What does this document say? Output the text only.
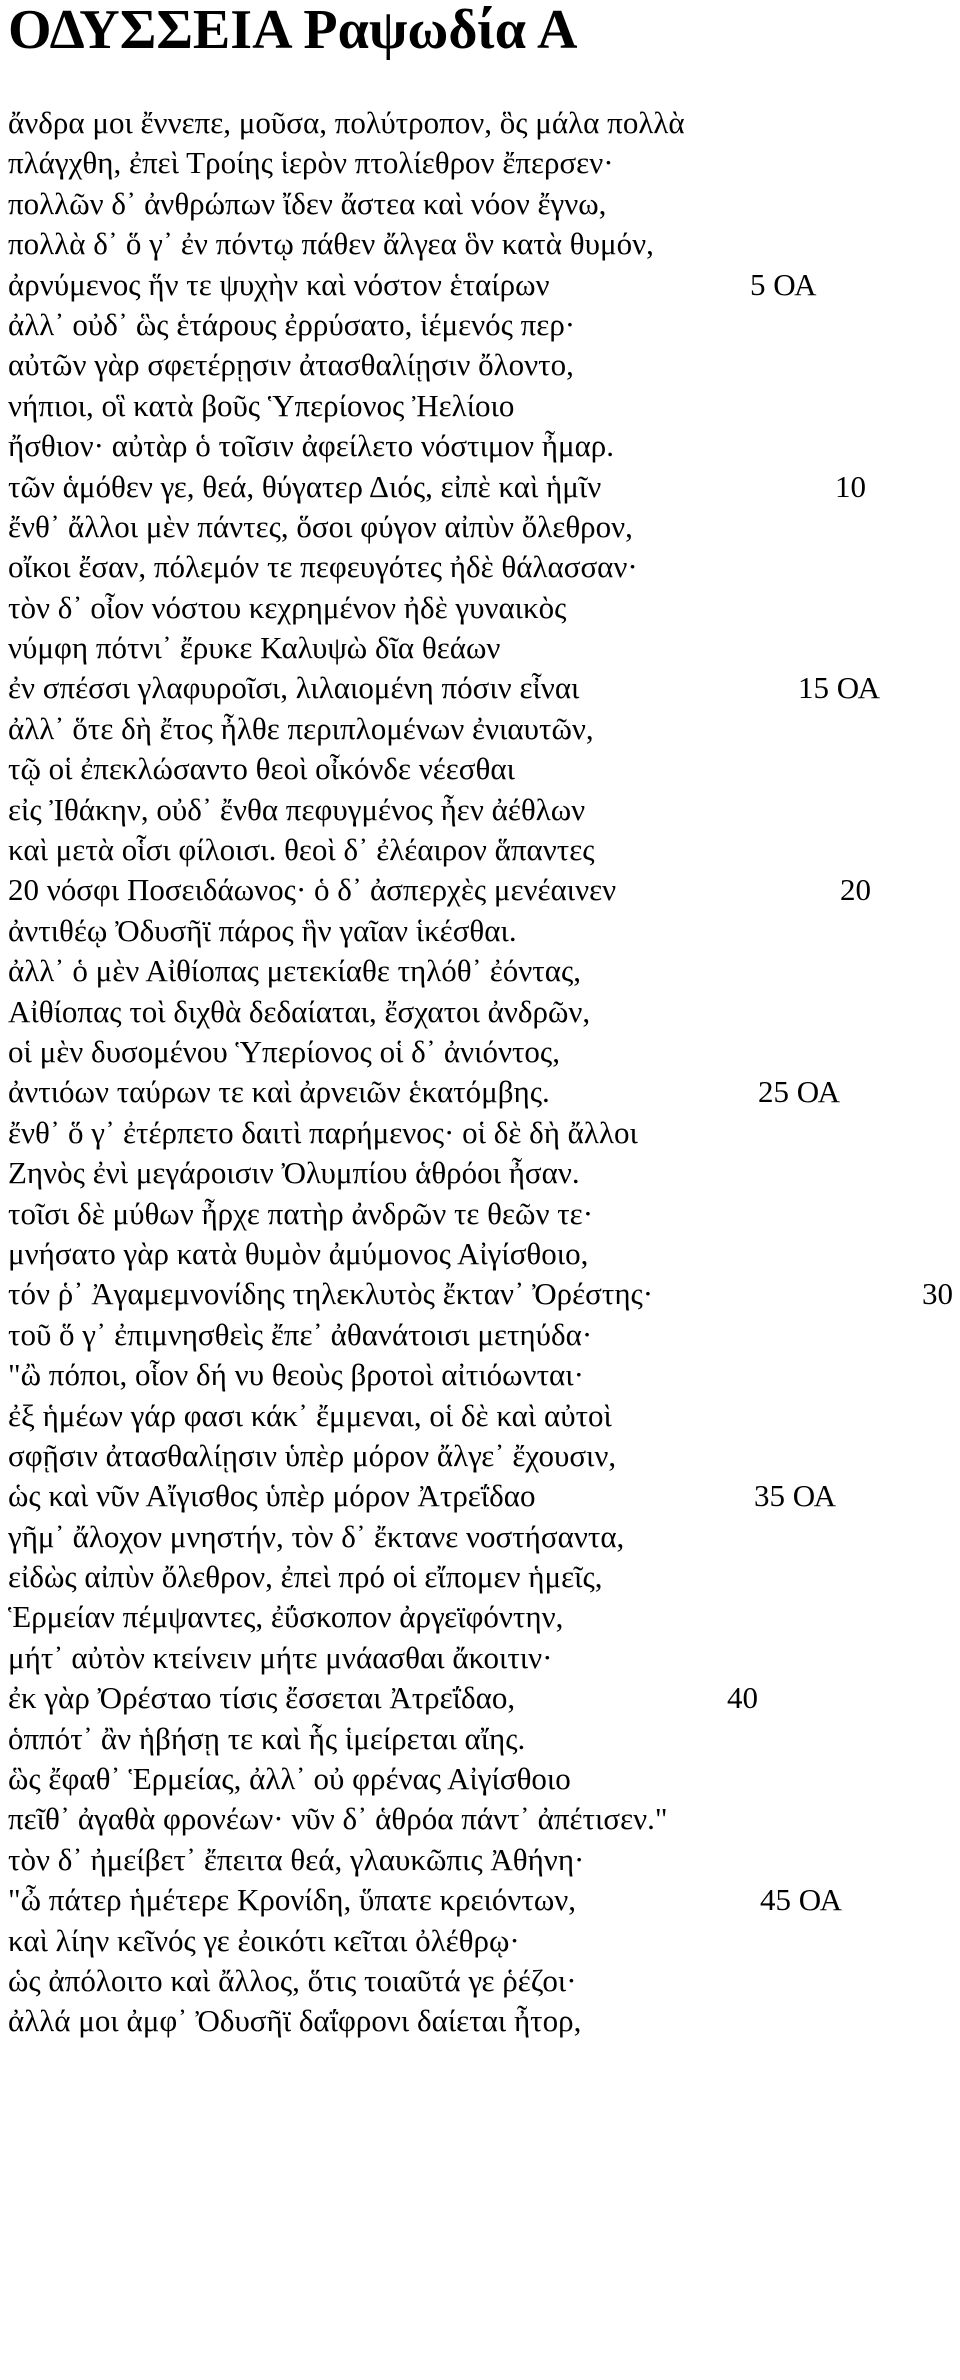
ΟΔΥΣΣΕΙΑ Ραψωδία Α
ἄνδρα μοι ἔννεπε, μοῦσα, πολύτροπον, ὃς μάλα πολλὰ
πλάγχθη, ἐπεὶ Τροίης ἱερὸν πτολίεθρον ἔπερσεν·
πολλῶν δ᾽ ἀνθρώπων ἴδεν ἄστεα καὶ νόον ἔγνω,
πολλὰ δ᾽ ὅ γ᾽ ἐν πόντῳ πάθεν ἄλγεα ὃν κατὰ θυμόν,
ἀρνύμενος ἥν τε ψυχὴν καὶ νόστον ἑταίρων	5 ΟΑ
ἀλλ᾽ οὐδ᾽ ὣς ἑτάρους ἐρρύσατο, ἱέμενός περ·
αὐτῶν γὰρ σφετέρῃσιν ἀτασθαλίῃσιν ὄλοντο,
νήπιοι, οἳ κατὰ βοῦς Ὑπερίονος Ἠελίοιο
ἤσθιον· αὐτὰρ ὁ τοῖσιν ἀφείλετο νόστιμον ἦμαρ.
τῶν ἁμόθεν γε, θεά, θύγατερ Διός, εἰπὲ καὶ ἡμῖν	10
ἔνθ᾽ ἄλλοι μὲν πάντες, ὅσοι φύγον αἰπὺν ὄλεθρον,
οἴκοι ἔσαν, πόλεμόν τε πεφευγότες ἠδὲ θάλασσαν·
τὸν δ᾽ οἶον νόστου κεχρημένον ἠδὲ γυναικὸς
νύμφη πότνι᾽ ἔρυκε Καλυψὼ δῖα θεάων
ἐν σπέσσι γλαφυροῖσι, λιλαιομένη πόσιν εἶναι	15 ΟΑ
ἀλλ᾽ ὅτε δὴ ἔτος ἦλθε περιπλομένων ἐνιαυτῶν,
τῷ οἱ ἐπεκλώσαντο θεοὶ οἶκόνδε νέεσθαι
εἰς Ἰθάκην, οὐδ᾽ ἔνθα πεφυγμένος ἦεν ἀέθλων
καὶ μετὰ οἷσι φίλοισι. θεοὶ δ᾽ ἐλέαιρον ἅπαντες
20 νόσφι Ποσειδάωνος· ὁ δ᾽ ἀσπερχὲς μενέαινεν	20
ἀντιθέῳ Ὀδυσῆϊ πάρος ἣν γαῖαν ἱκέσθαι.
ἀλλ᾽ ὁ μὲν Αἰθίοπας μετεκίαθε τηλόθ᾽ ἐόντας,
Αἰθίοπας τοὶ διχθὰ δεδαίαται, ἔσχατοι ἀνδρῶν,
οἱ μὲν δυσομένου Ὑπερίονος οἱ δ᾽ ἀνιόντος,
ἀντιόων ταύρων τε καὶ ἀρνειῶν ἑκατόμβης.	25 ΟΑ
ἔνθ᾽ ὅ γ᾽ ἐτέρπετο δαιτὶ παρήμενος· οἱ δὲ δὴ ἄλλοι
Ζηνὸς ἐνὶ μεγάροισιν Ὀλυμπίου ἁθρόοι ἦσαν.
τοῖσι δὲ μύθων ἦρχε πατὴρ ἀνδρῶν τε θεῶν τε·
μνήσατο γὰρ κατὰ θυμὸν ἀμύμονος Αἰγίσθοιο,
τόν ῥ᾽ Ἀγαμεμνονίδης τηλεκλυτὸς ἔκταν᾽ Ὀρέστης·	30
τοῦ ὅ γ᾽ ἐπιμνησθεὶς ἔπε᾽ ἀθανάτοισι μετηύδα·
"ὢ πόποι, οἷον δή νυ θεοὺς βροτοὶ αἰτιόωνται·
ἐξ ἡμέων γάρ φασι κάκ᾽ ἔμμεναι, οἱ δὲ καὶ αὐτοὶ
σφῇσιν ἀτασθαλίῃσιν ὑπὲρ μόρον ἄλγε᾽ ἔχουσιν,
ὡς καὶ νῦν Αἴγισθος ὑπὲρ μόρον Ἀτρεΐδαο	35 ΟΑ
γῆμ᾽ ἄλοχον μνηστήν, τὸν δ᾽ ἔκτανε νοστήσαντα,
εἰδὼς αἰπὺν ὄλεθρον, ἐπεὶ πρό οἱ εἴπομεν ἡμεῖς,
Ἑρμείαν πέμψαντες, ἐΰσκοπον ἀργεϊφόντην,
μήτ᾽ αὐτὸν κτείνειν μήτε μνάασθαι ἄκοιτιν·
ἐκ γὰρ Ὀρέσταο τίσις ἔσσεται Ἀτρεΐδαο,	40
ὁππότ᾽ ἂν ἡβήσῃ τε καὶ ἧς ἱμείρεται αἴης.
ὣς ἔφαθ᾽ Ἑρμείας, ἀλλ᾽ οὐ φρένας Αἰγίσθοιο
πεῖθ᾽ ἀγαθὰ φρονέων· νῦν δ᾽ ἁθρόα πάντ᾽ ἀπέτισεν."
τὸν δ᾽ ἠμείβετ᾽ ἔπειτα θεά, γλαυκῶπις Ἀθήνη·
"ὦ πάτερ ἡμέτερε Κρονίδη, ὕπατε κρειόντων,	45 ΟΑ
καὶ λίην κεῖνός γε ἐοικότι κεῖται ὀλέθρῳ·
ὡς ἀπόλοιτο καὶ ἄλλος, ὅτις τοιαῦτά γε ῥέζοι·
ἀλλά μοι ἀμφ᾽ Ὀδυσῆϊ δαΐφρονι δαίεται ἦτορ,
